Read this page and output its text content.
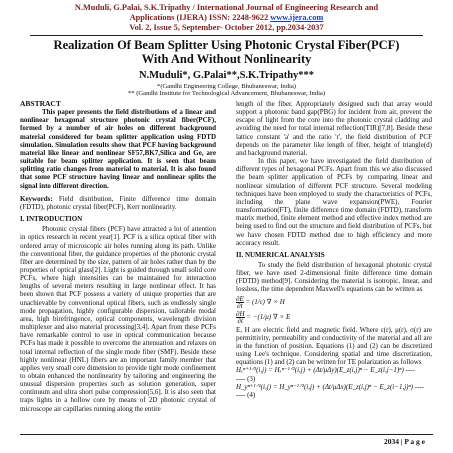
N.Muduli, G.Palai, S.K.Tripathy / International Journal of Engineering Research and
Applications (IJERA) ISSN: 2248-9622 www.ijera.com
Vol. 2, Issue 5, September- October 2012, pp.2034-2037
Realization Of Beam Splitter Using Photonic Crystal Fiber(PCF)
With And Without Nonlinearity
N.Muduli*, G.Palai**,S.K.Tripathy***
*(Gandhi Engineering College, Bhubaneswar, India)
** (Gandhi Institute for Technological Advancement, Bhubaneswar, India)

ABSTRACT

This paper presents the field distributions of a linear and nonlinear hexagonal structure photonic crystal fiber(PCF), formed by a number of air holes on different background material considered for beam splitter application using FDTD simulation. Simulation results show that PCF having background material like linear and nonlinear SF57,BK7,Silica and Ge, are suitable for beam splitter application. It is seen that beam splitting ratio changes from material to material. It is also found that some PCF structure having linear and nonlinear splits the signal into different direction.

Keywords: Field distribution, Finite difference time domain (FDTD), photonic crystal fiber(PCF), Kerr nonlinearity.

I. INTRODUCTION

Photonic crystal fibers (PCF) have attracted a lot of attention in optics research in recent year[1]. PCF is a silica optical fiber with ordered array of microscopic air holes running along its path. Unlike the conventional fiber, the guidance properties of the photonic crystal fiber are determined by the size, pattern of air holes rather than by the properties of optical glass[2]. Light is guided through small solid core PCFs, where high intensities can be maintained for interaction lengths of several meters resulting in large nonlinear effect. It has been shown that PCF possess a variety of unique properties that are unachievable by conventional optical fibers, such as endlessly single mode propagation, highly configurable dispersion, tailorable modal area, high birefringence, optical components, wavelength division multiplexer and also material processing[3,4]. Apart from these PCFs have remarkable control to use in optical communication because PCFs has made it possible to overcome the attenuation and relaxes on total internal reflection of the single mode fiber (SMF). Beside these highly nonlinear (HNL) fibers are an important family member that applies very small core dimension to provide tight mode confinement to obtain enhanced the nonlinearity by tailoring and engineering the unusual dispersion properties such as solution generation, super continuum and ultra short pulse compression[5,6]. It is also seen that traps lights in a hollow core by means of 2D photonic crystal of microscope air capillaries running along the entire

length of the fiber. Appropriately designed such that array would support a photonic band gap(PBG) for incident from air, prevent the escape of light from the core into the photonic crystal cladding and avoiding the need for total internal reflection(TIR)[7,8]. Beside these lattice constant 'a' and the ratio 'r', the field distribution of PCF depends on the parameter like length of fiber, height of triangle(d) and background material.

In this paper, we have investigated the field distribution of different types of hexagonal PCFs. Apart from this we also discussed the beam splitter application of PCFs by comparing linear and nonlinear simulation of different PCF structure. Several modeling techniques have been employed to study the characteristics of PCFs, including the plane wave expansion(PWE), Fourier transformation(FT), finite difference time domain (FDTD), transform matrix method, finite element method and effective index method are being used to find out the structure and field distribution of PCFs, but we have chosen FDTD method due to high efficiency and more accuracy result.

II. NUMERICAL ANALYSIS

To study the field distribution of hexagonal photonic crystal fiber, we have used 2-dimensional finite difference time domain (FDTD) method[9]. Considering the material is isotropic, linear, and lossless, the time dependent Maxwell's equations can be written as

$\frac{\partial E}{\partial t} = (1/\varepsilon)$ ∇ × H
$\frac{\partial H}{\partial t} = -(1/\mu)$ ∇ × E

E, H are electric field and magnetic field. Where ε(r), μ(r), σ(r) are permittivity, permeability and conductivity of the material and all are in the function of position. Equations (1) and (2) can be discretized using Lee's technique. Considering spatial and time discretization, equations (1) and (2) can be written for TE polarization as follows

Hₓⁿ⁺¹ᐟ²(i,j) = Hₓⁿ⁻¹ᐟ²(i,j) + (Δt/μΔy)(E_z(i,j)ⁿ − E_z(i,j−1)ⁿ) ----

---- (3)

H_yⁿ⁺¹ᐟ²(i,j) = H_yⁿ⁻¹ᐟ²(i,j) + (Δt/μΔx)(E_z(i,j)ⁿ − E_z(i−1,j)ⁿ) ----

---- (4)

2034 | P a g e
